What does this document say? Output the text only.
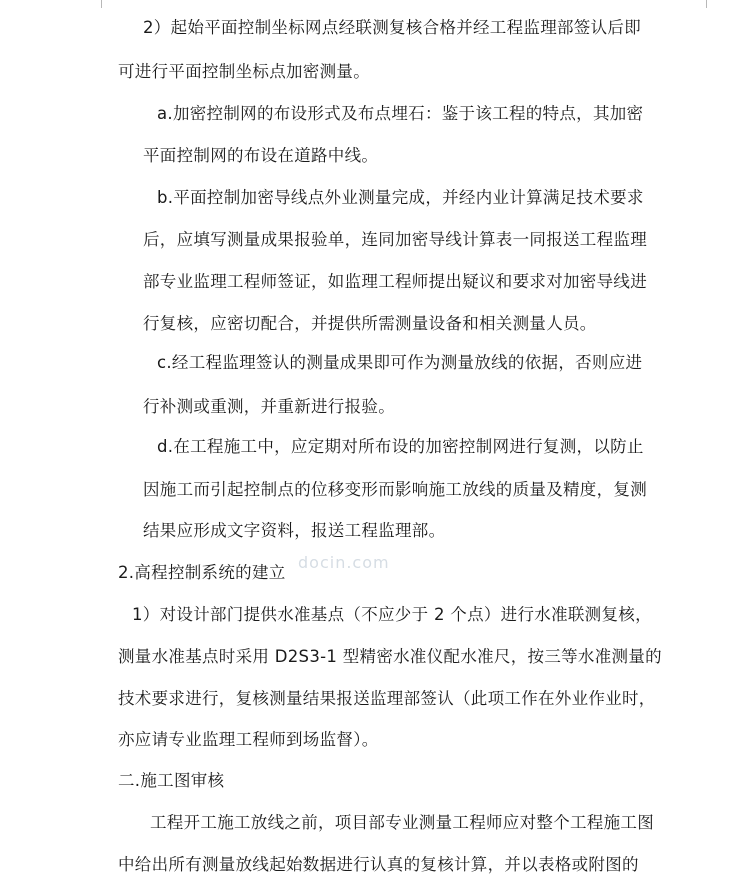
2）起始平面控制坐标网点经联测复核合格并经工程监理部签认后即
可进行平面控制坐标点加密测量。
a.加密控制网的布设形式及布点埋石：鉴于该工程的特点，其加密
平面控制网的布设在道路中线。
b.平面控制加密导线点外业测量完成，并经内业计算满足技术要求
后，应填写测量成果报验单，连同加密导线计算表一同报送工程监理
部专业监理工程师签证，如监理工程师提出疑议和要求对加密导线进
行复核，应密切配合，并提供所需测量设备和相关测量人员。
c.经工程监理签认的测量成果即可作为测量放线的依据，否则应进
行补测或重测，并重新进行报验。
d.在工程施工中，应定期对所布设的加密控制网进行复测，以防止
因施工而引起控制点的位移变形而影响施工放线的质量及精度，复测
结果应形成文字资料，报送工程监理部。
2.高程控制系统的建立
1）对设计部门提供水准基点（不应少于 2 个点）进行水准联测复核，
测量水准基点时采用 D2S3-1 型精密水准仪配水准尺，按三等水准测量的
技术要求进行，复核测量结果报送监理部签认（此项工作在外业作业时，
亦应请专业监理工程师到场监督）。
二.施工图审核
工程开工施工放线之前，项目部专业测量工程师应对整个工程施工图
中给出所有测量放线起始数据进行认真的复核计算，并以表格或附图的
docin.com
